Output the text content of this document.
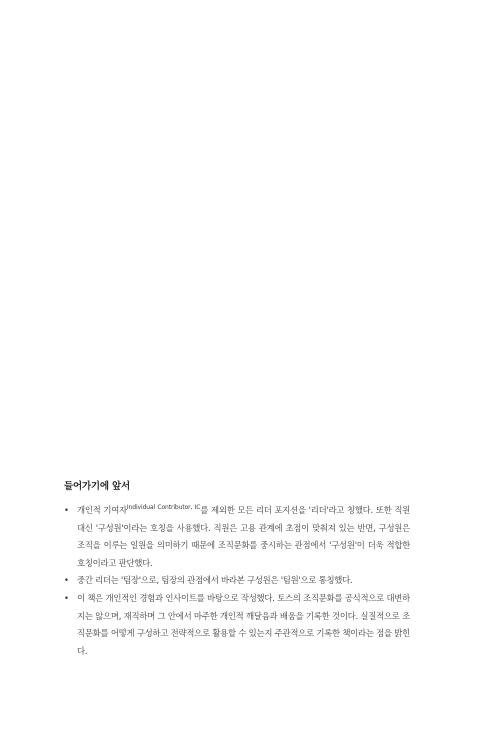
들어가기에 앞서
• 개인적 기여자$^{Individual Contributor, IC}$를 제외한 모든 리더 포지션을 '리더'라고 칭했다. 또한 직원 대신 '구성원'이라는 호칭을 사용했다. 직원은 고용 관계에 초점이 맞춰져 있는 반면, 구성원은 조직을 이루는 일원을 의미하기 때문에 조직문화를 중시하는 관점에서 '구성원'이 더욱 적합한 호칭이라고 판단했다.
• 중간 리더는 '팀장'으로, 팀장의 관점에서 바라본 구성원은 '팀원'으로 통칭했다.
• 이 책은 개인적인 경험과 인사이트를 바탕으로 작성했다. 토스의 조직문화를 공식적으로 대변하지는 않으며, 재직하며 그 안에서 마주한 개인적 깨달음과 배움을 기록한 것이다. 실질적으로 조직문화를 어떻게 구성하고 전략적으로 활용할 수 있는지 주관적으로 기록한 책이라는 점을 밝힌다.
